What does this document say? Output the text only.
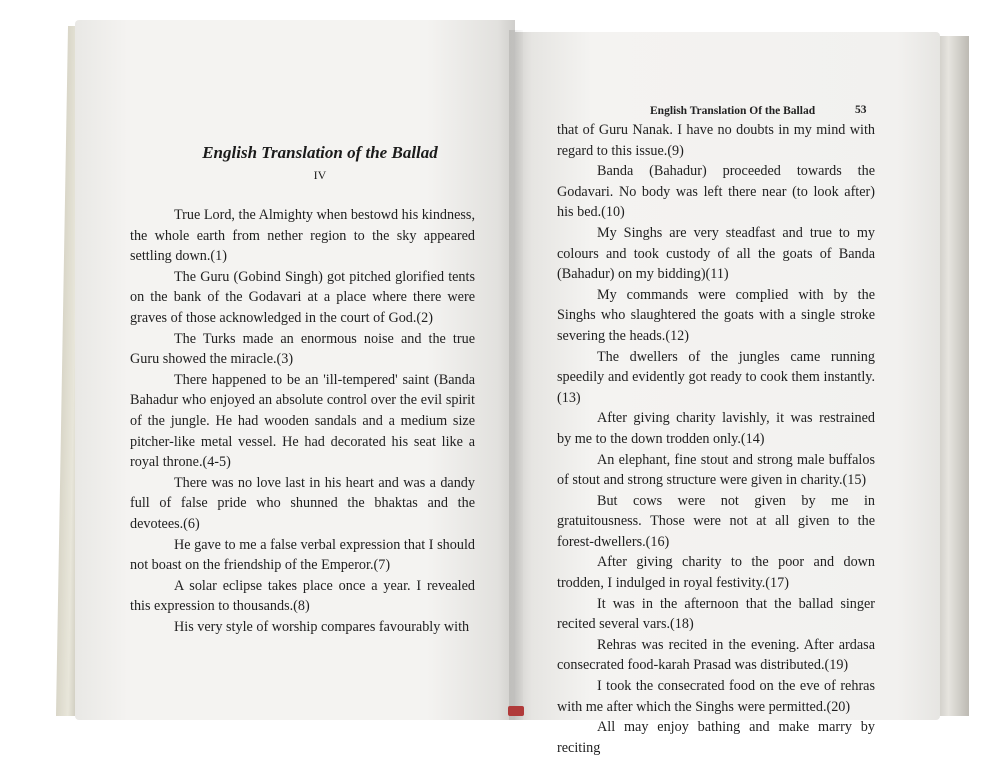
English Translation of the Ballad
IV

True Lord, the Almighty when bestowd his kindness, the whole earth from nether region to the sky appeared settling down.(1)

The Guru (Gobind Singh) got pitched glorified tents on the bank of the Godavari at a place where there were graves of those acknowledged in the court of God.(2)

The Turks made an enormous noise and the true Guru showed the miracle.(3)

There happened to be an 'ill-tempered' saint (Banda Bahadur who enjoyed an absolute control over the evil spirit of the jungle. He had wooden sandals and a medium size pitcher-like metal vessel. He had decorated his seat like a royal throne.(4-5)

There was no love last in his heart and was a dandy full of false pride who shunned the bhaktas and the devotees.(6)

He gave to me a false verbal expression that I should not boast on the friendship of the Emperor.(7)

A solar eclipse takes place once a year. I revealed this expression to thousands.(8)

His very style of worship compares favourably with

English Translation Of the Ballad	53

that of Guru Nanak. I have no doubts in my mind with regard to this issue.(9)

Banda (Bahadur) proceeded towards the Godavari. No body was left there near (to look after) his bed.(10)

My Singhs are very steadfast and true to my colours and took custody of all the goats of Banda (Bahadur) on my bidding)(11)

My commands were complied with by the Singhs who slaughtered the goats with a single stroke severing the heads.(12)

The dwellers of the jungles came running speedily and evidently got ready to cook them instantly.(13)

After giving charity lavishly, it was restrained by me to the down trodden only.(14)

An elephant, fine stout and strong male buffalos of stout and strong structure were given in charity.(15)

But cows were not given by me in gratuitousness. Those were not at all given to the forest-dwellers.(16)

After giving charity to the poor and down trodden, I indulged in royal festivity.(17)

It was in the afternoon that the ballad singer recited several vars.(18)

Rehras was recited in the evening. After ardasa consecrated food-karah Prasad was distributed.(19)

I took the consecrated food on the eve of rehras with me after which the Singhs were permitted.(20)

All may enjoy bathing and make marry by reciting
